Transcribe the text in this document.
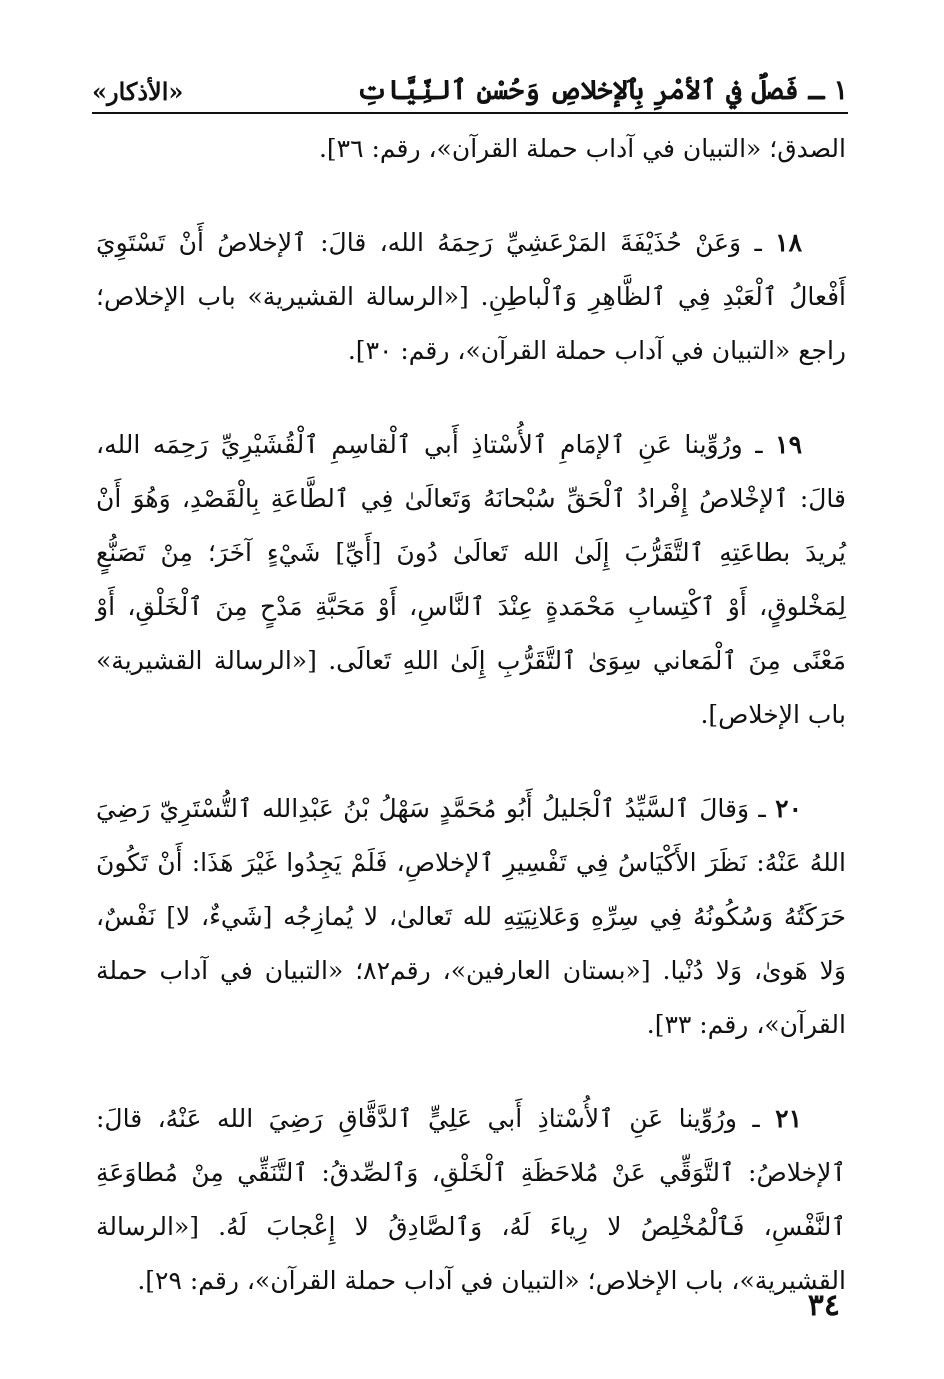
١ ـ فَصلٌ في ٱلأمْرِ بِٱلإخلاصِ وَحُسْنِ ٱلنِّيَّاتِ
«الأذكار»

الصدق؛ «التبيان في آداب حملة القرآن»، رقم: ٣٦].

١٨ ـ وَعَنْ حُذَيْفَةَ المَرْعَشِيِّ رَحِمَهُ الله، قالَ: ٱلإخلاصُ أَنْ تَسْتَوِيَ أَفْعالُ ٱلْعَبْدِ فِي ٱلظَّاهِرِ وَٱلْباطِنِ. [«الرسالة القشيرية» باب الإخلاص؛ راجع «التبيان في آداب حملة القرآن»، رقم: ٣٠].

١٩ ـ ورُوِّينا عَنِ ٱلإمَامِ ٱلأُسْتاذِ أَبي ٱلْقاسِمِ ٱلْقُشَيْرِيِّ رَحِمَه الله، قالَ: ٱلإخْلاصُ إِفْرادُ ٱلْحَقِّ سُبْحانَهُ وَتَعالَىٰ فِي ٱلطَّاعَةِ بِالْقَصْدِ، وَهُوَ أَنْ يُريدَ بطاعَتِهِ ٱلتَّقَرُّبَ إِلَىٰ الله تَعالَىٰ دُونَ [أَيِّ] شَيْءٍ آخَرَ؛ مِنْ تَصَنُّعٍ لِمَخْلوقٍ، أَوْ ٱكْتِسابِ مَحْمَدةٍ عِنْدَ ٱلنَّاسِ، أَوْ مَحَبَّةِ مَدْحٍ مِنَ ٱلْخَلْقِ، أَوْ مَعْنًى مِنَ ٱلْمَعاني سِوَىٰ ٱلتَّقَرُّبِ إِلَىٰ اللهِ تَعالَى. [«الرسالة القشيرية» باب الإخلاص].

٢٠ ـ وَقالَ ٱلسَّيِّدُ ٱلْجَليلُ أَبُو مُحَمَّدٍ سَهْلُ بْنُ عَبْدِالله ٱلتُّسْتَرِيّ رَضِيَ اللهُ عَنْهُ: نَظَرَ الأَكْيَاسُ فِي تَفْسِيرِ ٱلإخلاصِ، فَلَمْ يَجِدُوا غَيْرَ هَذَا: أَنْ تَكُونَ حَرَكَتُهُ وَسُكُونُهُ فِي سِرِّهِ وَعَلانِيَتِهِ لله تَعالىٰ، لا يُمازِجُه [شَيءٌ، لا] نَفْسٌ، وَلا هَوىٰ، وَلا دُنْيا. [«بستان العارفين»، رقم٨٢؛ «التبيان في آداب حملة القرآن»، رقم: ٣٣].

٢١ ـ ورُوِّينا عَنِ ٱلأُسْتاذِ أَبي عَلِيٍّ ٱلدَّقَّاقِ رَضِيَ الله عَنْهُ، قالَ: ٱلإخلاصُ: ٱلتَّوَقِّي عَنْ مُلاحَظَةِ ٱلْخَلْقِ، وَٱلصِّدقُ: ٱلتَّنَقِّي مِنْ مُطاوَعَةِ ٱلنَّفْسِ، فَٱلْمُخْلِصُ لا رِياءَ لَهُ، وَٱلصَّادِقُ لا إِعْجابَ لَهُ. [«الرسالة القشيرية»، باب الإخلاص؛ «التبيان في آداب حملة القرآن»، رقم: ٢٩].

٣٤
